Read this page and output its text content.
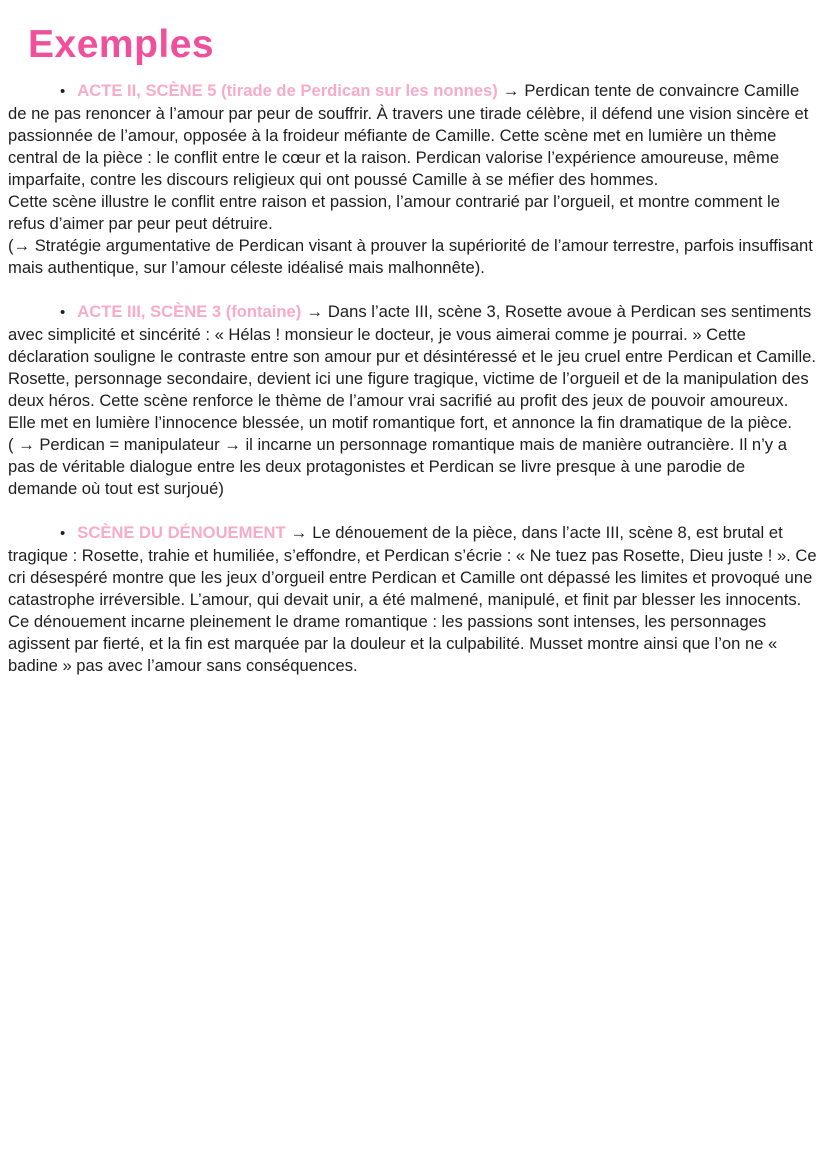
Exemples

• ACTE II, SCÈNE 5 (tirade de Perdican sur les nonnes) → Perdican tente de convaincre Camille de ne pas renoncer à l’amour par peur de souffrir. À travers une tirade célèbre, il défend une vision sincère et passionnée de l’amour, opposée à la froideur méfiante de Camille. Cette scène met en lumière un thème central de la pièce : le conflit entre le cœur et la raison. Perdican valorise l’expérience amoureuse, même imparfaite, contre les discours religieux qui ont poussé Camille à se méfier des hommes.

Cette scène illustre le conflit entre raison et passion, l’amour contrarié par l’orgueil, et montre comment le refus d’aimer par peur peut détruire.

(→ Stratégie argumentative de Perdican visant à prouver la supériorité de l’amour terrestre, parfois insuffisant mais authentique, sur l’amour céleste idéalisé mais malhonnête).

• ACTE III, SCÈNE 3 (fontaine) → Dans l’acte III, scène 3, Rosette avoue à Perdican ses sentiments avec simplicité et sincérité : « Hélas ! monsieur le docteur, je vous aimerai comme je pourrai. » Cette déclaration souligne le contraste entre son amour pur et désintéressé et le jeu cruel entre Perdican et Camille. Rosette, personnage secondaire, devient ici une figure tragique, victime de l’orgueil et de la manipulation des deux héros. Cette scène renforce le thème de l’amour vrai sacrifié au profit des jeux de pouvoir amoureux. Elle met en lumière l’innocence blessée, un motif romantique fort, et annonce la fin dramatique de la pièce.

( → Perdican = manipulateur → il incarne un personnage romantique mais de manière outrancière. Il n’y a pas de véritable dialogue entre les deux protagonistes et Perdican se livre presque à une parodie de demande où tout est surjoué)

• SCÈNE DU DÉNOUEMENT → Le dénouement de la pièce, dans l’acte III, scène 8, est brutal et tragique : Rosette, trahie et humiliée, s’effondre, et Perdican s’écrie : « Ne tuez pas Rosette, Dieu juste ! ». Ce cri désespéré montre que les jeux d’orgueil entre Perdican et Camille ont dépassé les limites et provoqué une catastrophe irréversible. L’amour, qui devait unir, a été malmené, manipulé, et finit par blesser les innocents. Ce dénouement incarne pleinement le drame romantique : les passions sont intenses, les personnages agissent par fierté, et la fin est marquée par la douleur et la culpabilité. Musset montre ainsi que l’on ne « badine » pas avec l’amour sans conséquences.
